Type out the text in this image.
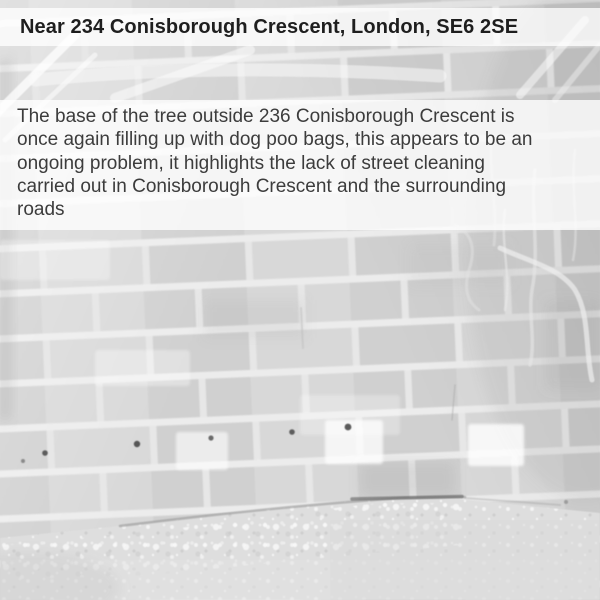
Near 234 Conisborough Crescent, London, SE6 2SE
The base of the tree outside 236 Conisborough Crescent is
once again filling up with dog poo bags, this appears to be an
ongoing problem, it highlights the lack of street cleaning
carried out in Conisborough Crescent and the surrounding
roads
